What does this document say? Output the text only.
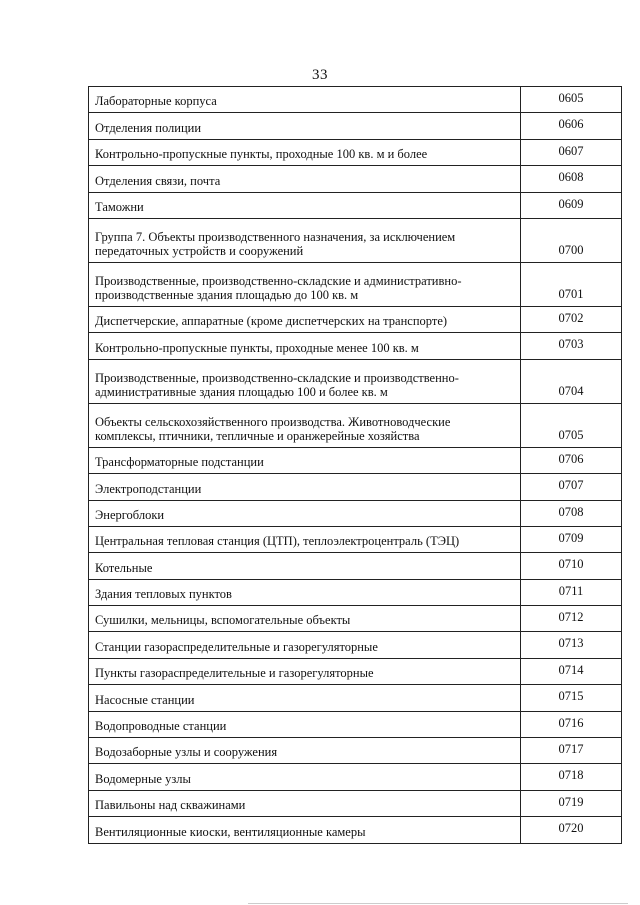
33
Лабораторные корпуса	0605
Отделения полиции	0606
Контрольно-пропускные пункты, проходные 100 кв. м и более	0607
Отделения связи, почта	0608
Таможни	0609
Группа 7. Объекты производственного назначения, за исключением передаточных устройств и сооружений	0700
Производственные, производственно-складские и административно-производственные здания площадью до 100 кв. м	0701
Диспетчерские, аппаратные (кроме диспетчерских на транспорте)	0702
Контрольно-пропускные пункты, проходные менее 100 кв. м	0703
Производственные, производственно-складские и производственно-административные здания площадью 100 и более кв. м	0704
Объекты сельскохозяйственного производства. Животноводческие комплексы, птичники, тепличные и оранжерейные хозяйства	0705
Трансформаторные подстанции	0706
Электроподстанции	0707
Энергоблоки	0708
Центральная тепловая станция (ЦТП), теплоэлектроцентраль (ТЭЦ)	0709
Котельные	0710
Здания тепловых пунктов	0711
Сушилки, мельницы, вспомогательные объекты	0712
Станции газораспределительные и газорегуляторные	0713
Пункты газораспределительные и газорегуляторные	0714
Насосные станции	0715
Водопроводные станции	0716
Водозаборные узлы и сооружения	0717
Водомерные узлы	0718
Павильоны над скважинами	0719
Вентиляционные киоски, вентиляционные камеры	0720
